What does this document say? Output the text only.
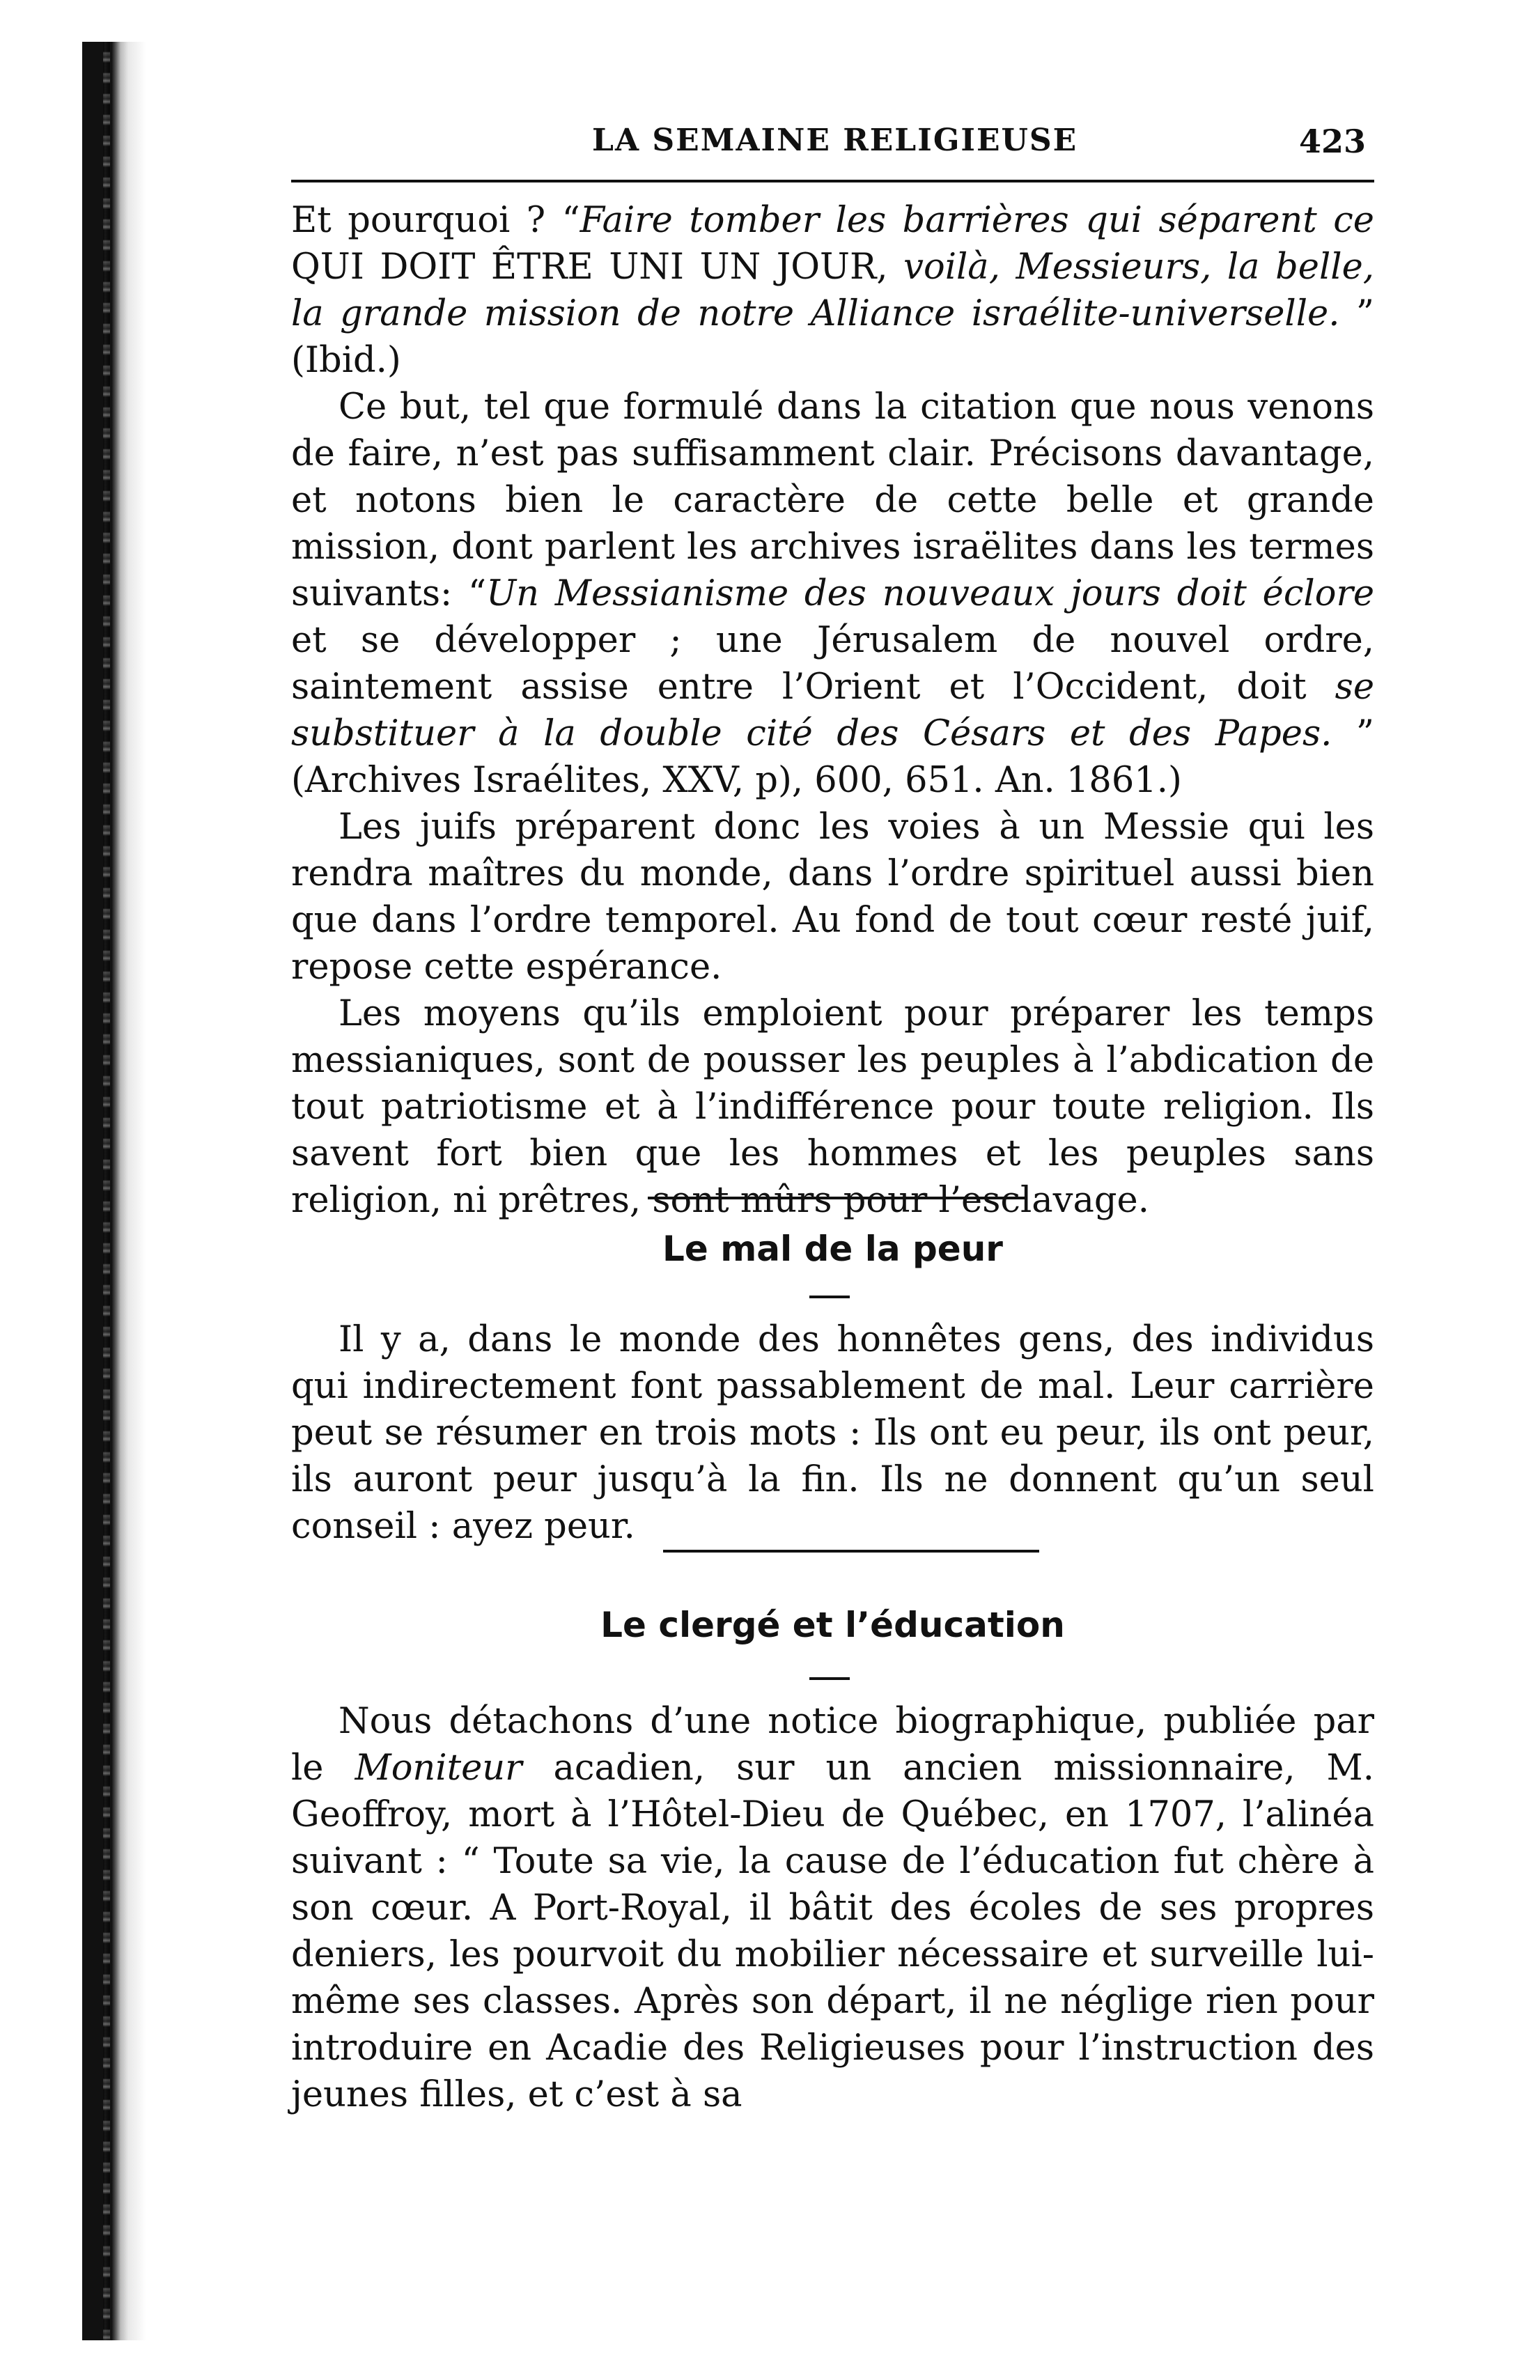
LA SEMAINE RELIGIEUSE	423

Et pourquoi ? “Faire tomber les barrières qui séparent ce QUI DOIT ÊTRE UNI UN JOUR, voilà, Messieurs, la belle, la grande mission de notre Alliance israélite-universelle. ” (Ibid.)

Ce but, tel que formulé dans la citation que nous venons de faire, n’est pas suffisamment clair. Précisons davantage, et notons bien le caractère de cette belle et grande mission, dont parlent les archives israëlites dans les termes suivants: “Un Messianisme des nouveaux jours doit éclore et se développer ; une Jérusalem de nouvel ordre, saintement assise entre l’Orient et l’Occident, doit se substituer à la double cité des Césars et des Papes. ” (Archives Israélites, XXV, p), 600, 651. An. 1861.)

Les juifs préparent donc les voies à un Messie qui les rendra maîtres du monde, dans l’ordre spirituel aussi bien que dans l’ordre temporel. Au fond de tout cœur resté juif, repose cette espérance.

Les moyens qu’ils emploient pour préparer les temps messianiques, sont de pousser les peuples à l’abdication de tout patriotisme et à l’indifférence pour toute religion. Ils savent fort bien que les hommes et les peuples sans religion, ni prêtres, sont mûrs pour l’esclavage.

Le mal de la peur

Il y a, dans le monde des honnêtes gens, des individus qui indirectement font passablement de mal. Leur carrière peut se résumer en trois mots : Ils ont eu peur, ils ont peur, ils auront peur jusqu’à la fin. Ils ne donnent qu’un seul conseil : ayez peur.

Le clergé et l’éducation

Nous détachons d’une notice biographique, publiée par le Moniteur acadien, sur un ancien missionnaire, M. Geoffroy, mort à l’Hôtel-Dieu de Québec, en 1707, l’alinéa suivant : “ Toute sa vie, la cause de l’éducation fut chère à son cœur. A Port-Royal, il bâtit des écoles de ses propres deniers, les pourvoit du mobilier nécessaire et surveille lui-même ses classes. Après son départ, il ne néglige rien pour introduire en Acadie des Religieuses pour l’instruction des jeunes filles, et c’est à sa
